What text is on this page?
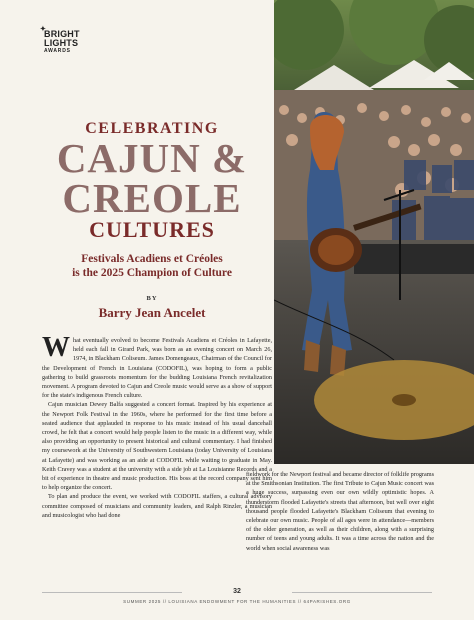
✦
BRIGHT
LIGHTS
AWARDS
CELEBRATING
CAJUN &
CREOLE
CULTURES
Festivals Acadiens et Créoles
is the 2025 Champion of Culture
BY
Barry Jean Ancelet

W hat eventually evolved to become Festivals Acadiens et Créoles in Lafayette, held each fall in Girard Park, was born as an evening concert on March 26, 1974, in Blackham Coliseum. James Domengeaux, Chairman of the Council for the Development of French in Louisiana (CODOFIL), was hoping to form a public gathering to build grassroots momentum for the budding Louisiana French revitalization movement. A program devoted to Cajun and Creole music would serve as a show of support for the state's indigenous French culture.

Cajun musician Dewey Balfa suggested a concert format. Inspired by his experience at the Newport Folk Festival in the 1960s, where he performed for the first time before a seated audience that applauded in response to his music instead of his usual dancehall crowd, he felt that a concert would help people listen to the music in a different way, while also providing an opportunity to present historical and cultural commentary. I had finished my coursework at the University of Southwestern Louisiana (today University of Louisiana at Lafayette) and was working as an aide at CODOFIL while waiting to graduate in May. Keith Cravey was a student at the university with a side job at La Louisianne Records and a bit of experience in theatre and music production. His boss at the record company sent him to help organize the concert.

To plan and produce the event, we worked with CODOFIL staffers, a cultural advisory committee composed of musicians and community leaders, and Ralph Rinzler, a musician and musicologist who had done

fieldwork for the Newport festival and became director of folklife programs at the Smithsonian Institution. The first Tribute to Cajun Music concert was a huge success, surpassing even our own wildly optimistic hopes. A thunderstorm flooded Lafayette's streets that afternoon, but well over eight thousand people flooded Lafayette's Blackham Coliseum that evening to celebrate our own music. People of all ages were in attendance—members of the older generation, as well as their children, along with a surprising number of teens and young adults. It was a time across the nation and the world when social awareness was

32
SUMMER 2025 // LOUISIANA ENDOWMENT FOR THE HUMANITIES // 64PARISHES.ORG
